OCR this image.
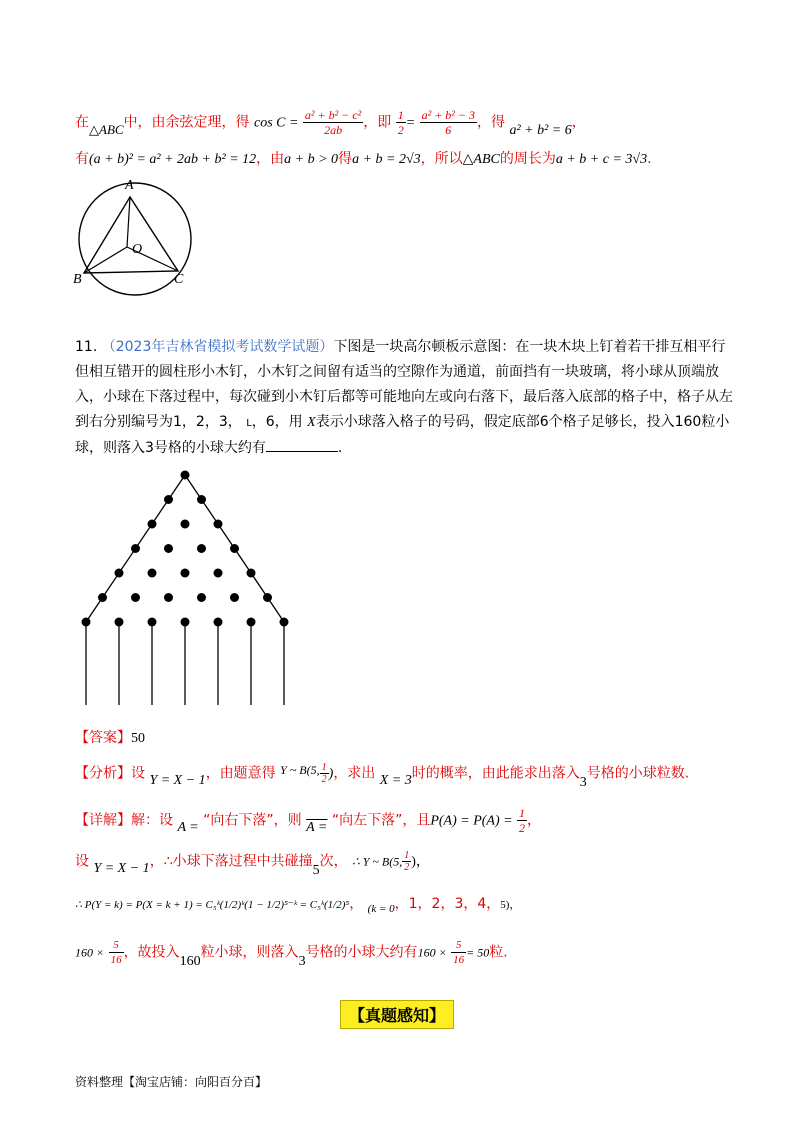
在△ABC中，由余弦定理，得 $\cos C = \frac{\text{a² + b² − c²}}{2ab}$ ，即 $\frac{1}{2} = \frac{\text{a² + b² − 3}}{6}$ ，得 a² + b² = 6，
有(a + b)² = a² + 2ab + b² = 12，由a + b > 0得a + b = 2√3，所以△ABC的周长为a + b + c = 3√3.
A
O
B	C
11. （2023年吉林省模拟考试数学试题）下图是一块高尔顿板示意图：在一块木块上钉着若干排互相平行但相互错开的圆柱形小木钉，小木钉之间留有适当的空隙作为通道，前面挡有一块玻璃，将小球从顶端放入，小球在下落过程中，每次碰到小木钉后都等可能地向左或向右落下，最后落入底部的格子中，格子从左到右分别编号为1，2，3， L，6，用 X表示小球落入格子的号码，假定底部6个格子足够长，投入160粒小球，则落入3号格的小球大约有	.
【答案】50
【分析】设 Y = X − 1，由题意得 Y ~ B(5, $\frac{1}{2}$ )，求出 X = 3时的概率，由此能求出落入3号格的小球粒数.
【详解】解：设 A = “向右下落”，则 A = “向左下落”，且$P(A) = P(A) = \frac{1}{2}$ ，
设 Y = X − 1，∴小球下落过程中共碰撞5次， ∴ Y ~ B(5, $\frac{1}{2}$ )，
∴ P(Y = k) = P(X = k + 1) = C₅ᵏ(1/2)ᵏ(1 − 1/2)⁵⁻ᵏ = C₅ᵏ(1/2)⁵， $_{(k = 0}$，1，2，3，4，5)，
$160 \times \frac{5}{16}$ ，故投入160粒小球，则落入3号格的小球大约有$160 \times \frac{5}{16} = 50$粒.
【真题感知】
资料整理【淘宝店铺：向阳百分百】
